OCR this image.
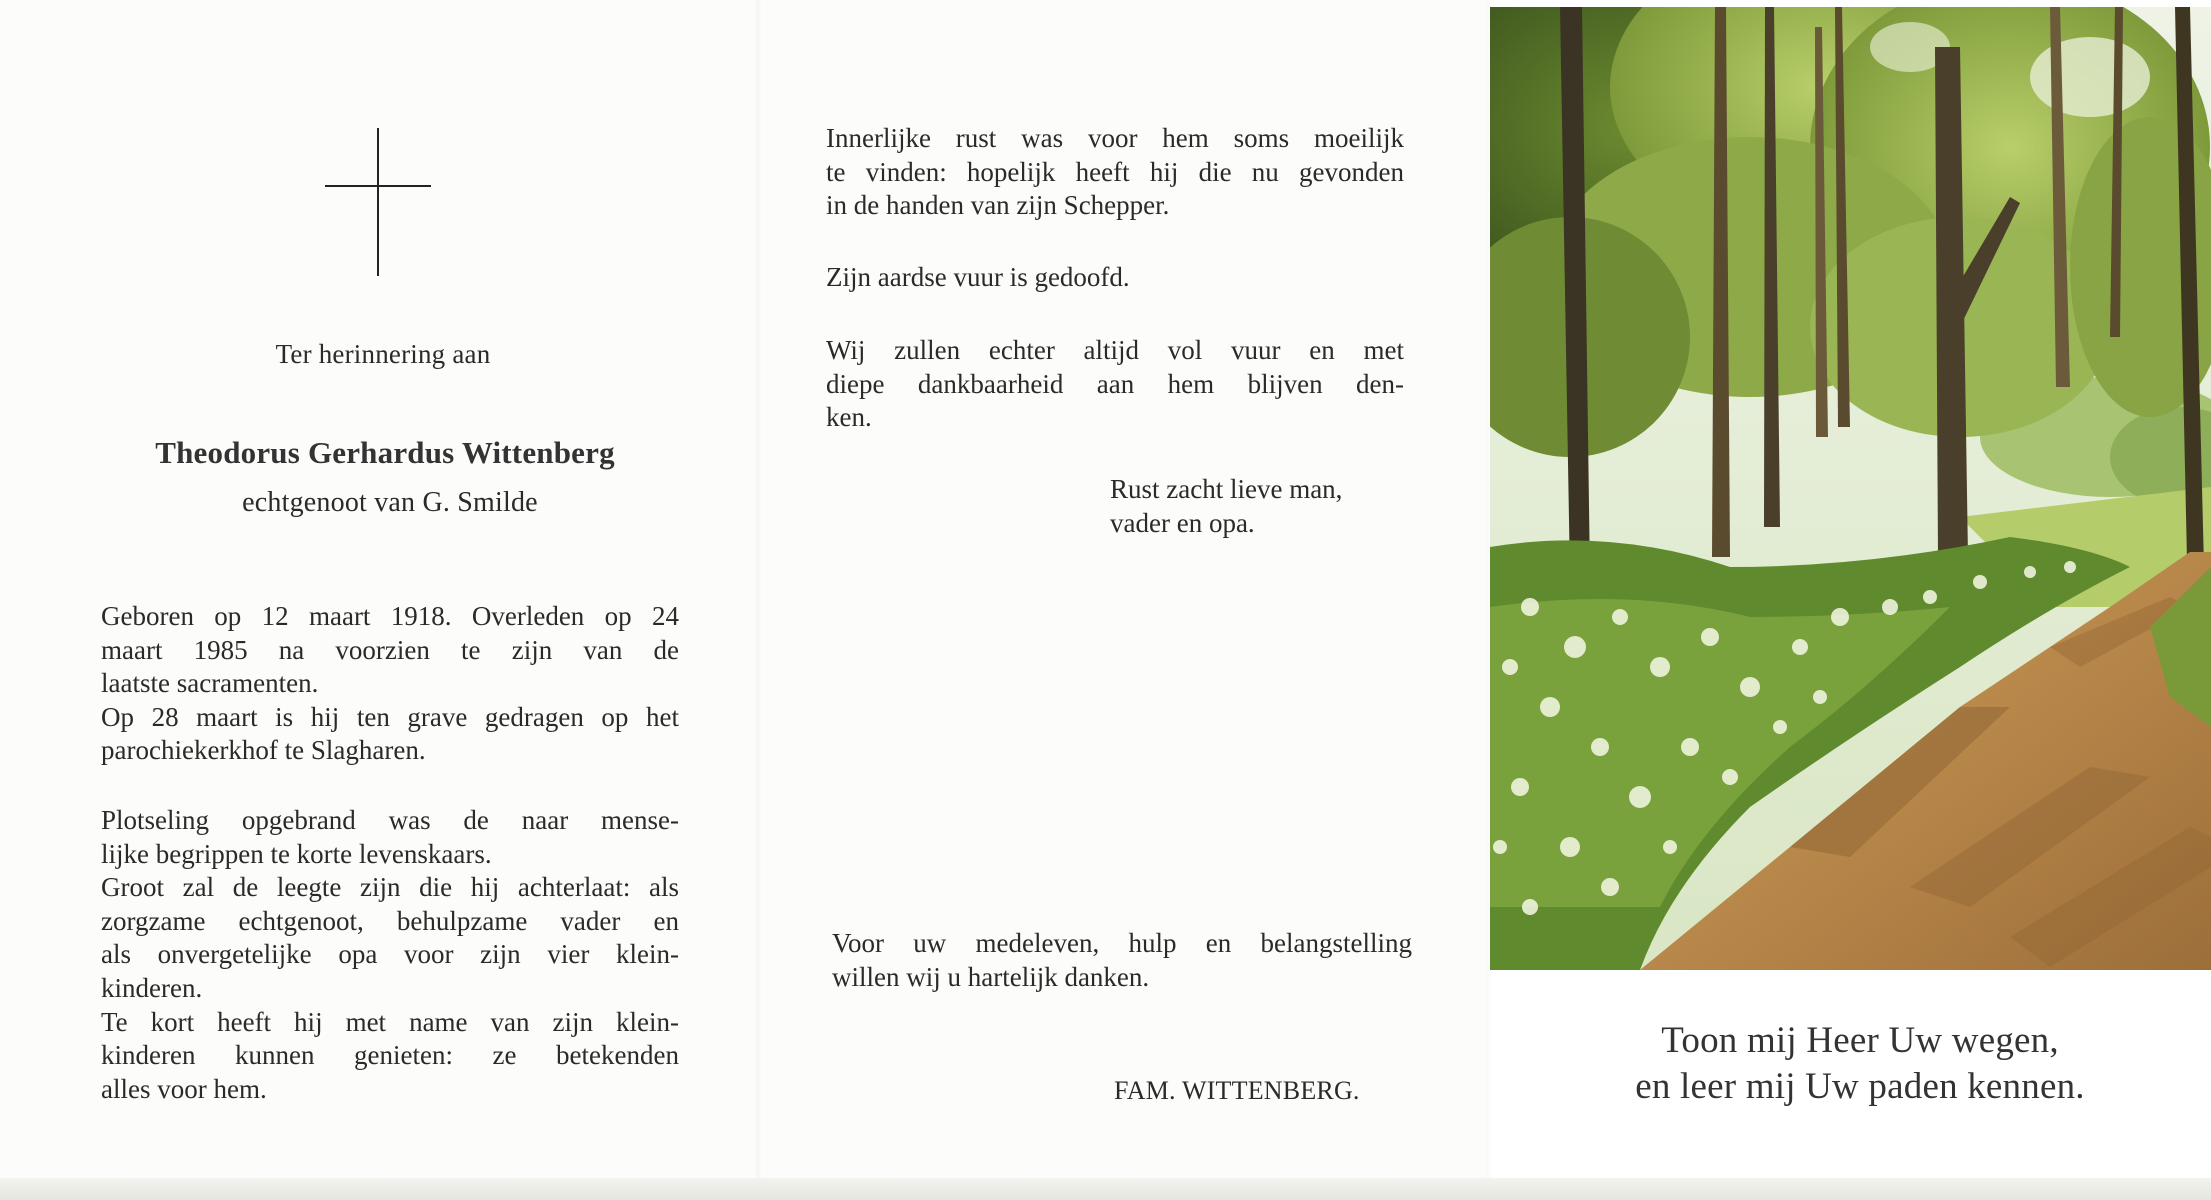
Ter herinnering aan
Theodorus Gerhardus Wittenberg
echtgenoot van G. Smilde
Geboren op 12 maart 1918. Overleden op 24
maart 1985 na voorzien te zijn van de
laatste sacramenten.
Op 28 maart is hij ten grave gedragen op het
parochiekerkhof te Slagharen.
Plotseling opgebrand was de naar mense-
lijke begrippen te korte levenskaars.
Groot zal de leegte zijn die hij achterlaat: als
zorgzame echtgenoot, behulpzame vader en
als onvergetelijke opa voor zijn vier klein-
kinderen.
Te kort heeft hij met name van zijn klein-
kinderen kunnen genieten: ze betekenden
alles voor hem.
Innerlijke rust was voor hem soms moeilijk
te vinden: hopelijk heeft hij die nu gevonden
in de handen van zijn Schepper.
Zijn aardse vuur is gedoofd.
Wij zullen echter altijd vol vuur en met
diepe dankbaarheid aan hem blijven den-
ken.
Rust zacht lieve man,
vader en opa.
Voor uw medeleven, hulp en belangstelling
willen wij u hartelijk danken.
FAM. WITTENBERG.
Toon mij Heer Uw wegen,
en leer mij Uw paden kennen.
